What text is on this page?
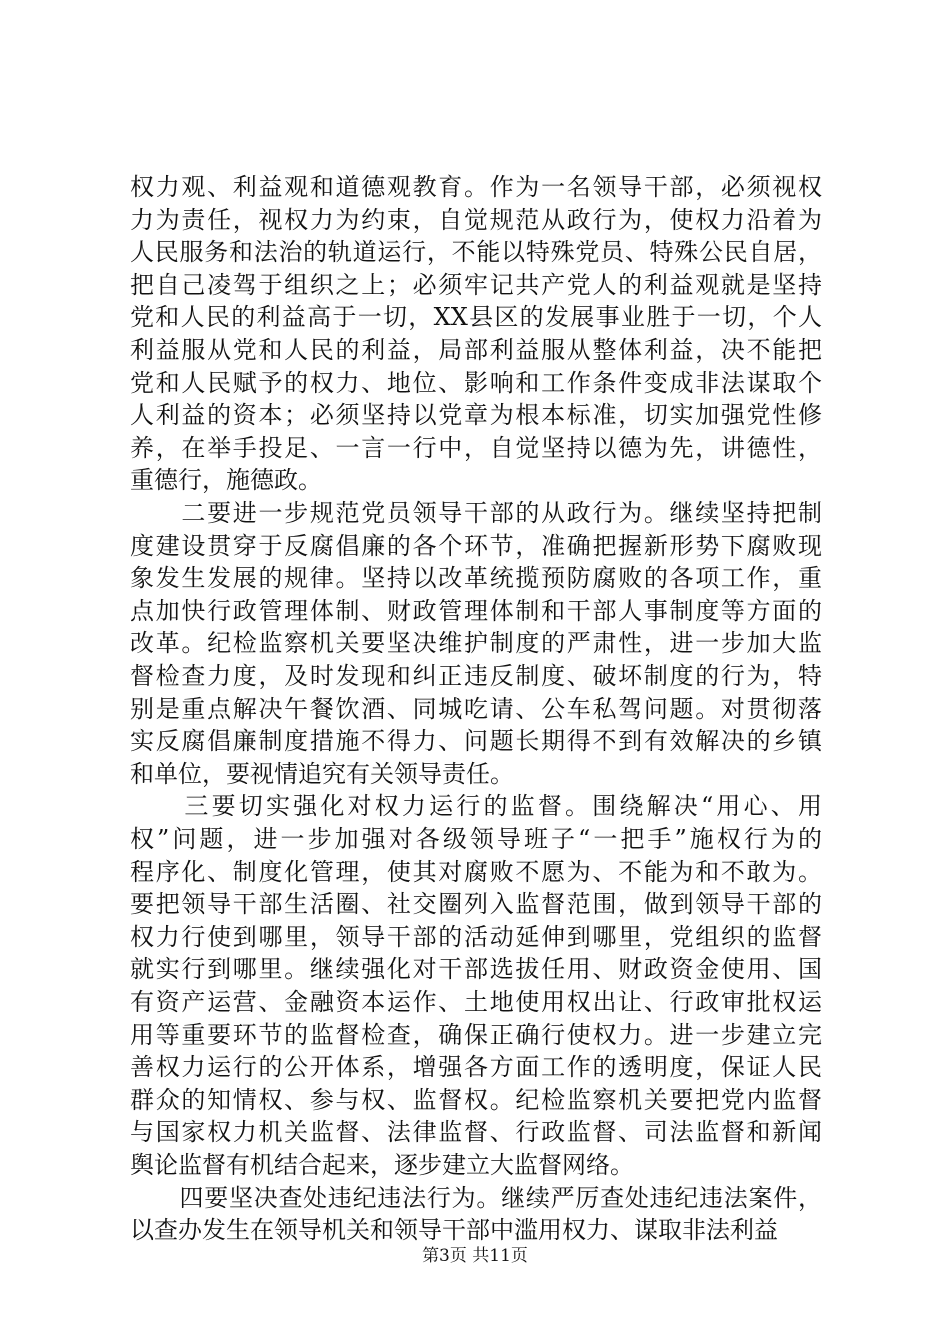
权力观、利益观和道德观教育。作为一名领导干部，必须视权
力为责任，视权力为约束，自觉规范从政行为，使权力沿着为
人民服务和法治的轨道运行，不能以特殊党员、特殊公民自居，
把自己凌驾于组织之上；必须牢记共产党人的利益观就是坚持
党和人民的利益高于一切，XX县区的发展事业胜于一切，个人
利益服从党和人民的利益，局部利益服从整体利益，决不能把
党和人民赋予的权力、地位、影响和工作条件变成非法谋取个
人利益的资本；必须坚持以党章为根本标准，切实加强党性修
养，在举手投足、一言一行中，自觉坚持以德为先，讲德性，
重德行，施德政。
　　二要进一步规范党员领导干部的从政行为。继续坚持把制
度建设贯穿于反腐倡廉的各个环节，准确把握新形势下腐败现
象发生发展的规律。坚持以改革统揽预防腐败的各项工作，重
点加快行政管理体制、财政管理体制和干部人事制度等方面的
改革。纪检监察机关要坚决维护制度的严肃性，进一步加大监
督检查力度，及时发现和纠正违反制度、破坏制度的行为，特
别是重点解决午餐饮酒、同城吃请、公车私驾问题。对贯彻落
实反腐倡廉制度措施不得力、问题长期得不到有效解决的乡镇
和单位，要视情追究有关领导责任。
　　三要切实强化对权力运行的监督。围绕解决“用心、用
权”问题，进一步加强对各级领导班子“一把手”施权行为的
程序化、制度化管理，使其对腐败不愿为、不能为和不敢为。
要把领导干部生活圈、社交圈列入监督范围，做到领导干部的
权力行使到哪里，领导干部的活动延伸到哪里，党组织的监督
就实行到哪里。继续强化对干部选拔任用、财政资金使用、国
有资产运营、金融资本运作、土地使用权出让、行政审批权运
用等重要环节的监督检查，确保正确行使权力。进一步建立完
善权力运行的公开体系，增强各方面工作的透明度，保证人民
群众的知情权、参与权、监督权。纪检监察机关要把党内监督
与国家权力机关监督、法律监督、行政监督、司法监督和新闻
舆论监督有机结合起来，逐步建立大监督网络。
　　四要坚决查处违纪违法行为。继续严厉查处违纪违法案件，
以查办发生在领导机关和领导干部中滥用权力、谋取非法利益
第3页 共11页
